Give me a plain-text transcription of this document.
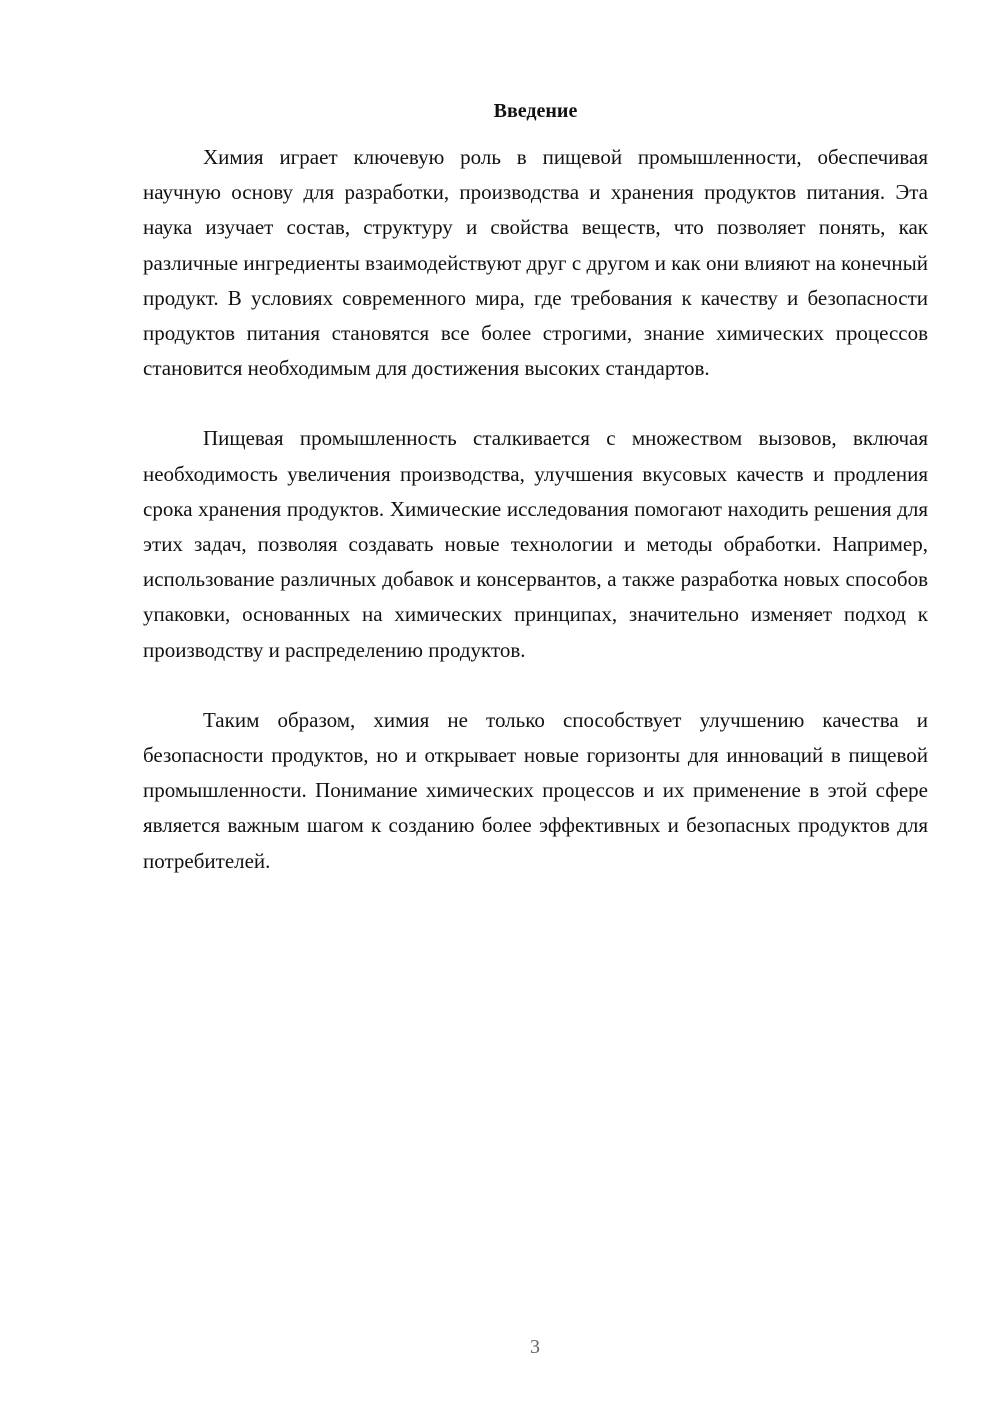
Введение

Химия играет ключевую роль в пищевой промышленности, обеспечивая научную основу для разработки, производства и хранения продуктов питания. Эта наука изучает состав, структуру и свойства веществ, что позволяет понять, как различные ингредиенты взаимодействуют друг с другом и как они влияют на конечный продукт. В условиях современного мира, где требования к качеству и безопасности продуктов питания становятся все более строгими, знание химических процессов становится необходимым для достижения высоких стандартов.

Пищевая промышленность сталкивается с множеством вызовов, включая необходимость увеличения производства, улучшения вкусовых качеств и продления срока хранения продуктов. Химические исследования помогают находить решения для этих задач, позволяя создавать новые технологии и методы обработки. Например, использование различных добавок и консервантов, а также разработка новых способов упаковки, основанных на химических принципах, значительно изменяет подход к производству и распределению продуктов.

Таким образом, химия не только способствует улучшению качества и безопасности продуктов, но и открывает новые горизонты для инноваций в пищевой промышленности. Понимание химических процессов и их применение в этой сфере является важным шагом к созданию более эффективных и безопасных продуктов для потребителей.

3
